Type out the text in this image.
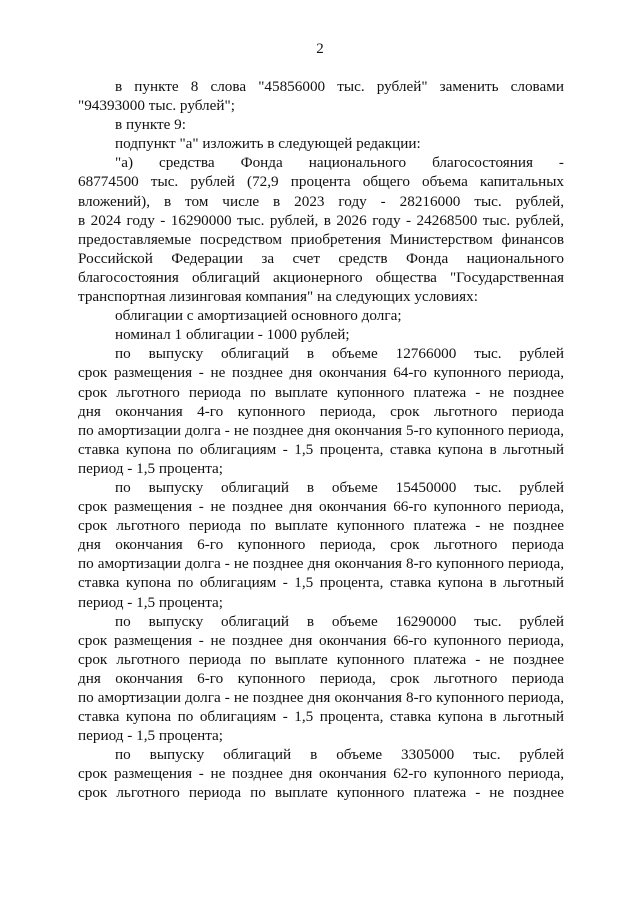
2
в пункте 8 слова "45856000 тыс. рублей" заменить словами
"94393000 тыс. рублей";
в пункте 9:
подпункт "а" изложить в следующей редакции:
"а) средства Фонда национального благосостояния -
68774500 тыс. рублей (72,9 процента общего объема капитальных
вложений), в том числе в 2023 году - 28216000 тыс. рублей,
в 2024 году - 16290000 тыс. рублей, в 2026 году - 24268500 тыс. рублей,
предоставляемые посредством приобретения Министерством финансов
Российской Федерации за счет средств Фонда национального
благосостояния облигаций акционерного общества "Государственная
транспортная лизинговая компания" на следующих условиях:
облигации с амортизацией основного долга;
номинал 1 облигации - 1000 рублей;
по выпуску облигаций в объеме 12766000 тыс. рублей
срок размещения - не позднее дня окончания 64-го купонного периода,
срок льготного периода по выплате купонного платежа - не позднее
дня окончания 4-го купонного периода, срок льготного периода
по амортизации долга - не позднее дня окончания 5-го купонного периода,
ставка купона по облигациям - 1,5 процента, ставка купона в льготный
период - 1,5 процента;
по выпуску облигаций в объеме 15450000 тыс. рублей
срок размещения - не позднее дня окончания 66-го купонного периода,
срок льготного периода по выплате купонного платежа - не позднее
дня окончания 6-го купонного периода, срок льготного периода
по амортизации долга - не позднее дня окончания 8-го купонного периода,
ставка купона по облигациям - 1,5 процента, ставка купона в льготный
период - 1,5 процента;
по выпуску облигаций в объеме 16290000 тыс. рублей
срок размещения - не позднее дня окончания 66-го купонного периода,
срок льготного периода по выплате купонного платежа - не позднее
дня окончания 6-го купонного периода, срок льготного периода
по амортизации долга - не позднее дня окончания 8-го купонного периода,
ставка купона по облигациям - 1,5 процента, ставка купона в льготный
период - 1,5 процента;
по выпуску облигаций в объеме 3305000 тыс. рублей
срок размещения - не позднее дня окончания 62-го купонного периода,
срок льготного периода по выплате купонного платежа - не позднее
